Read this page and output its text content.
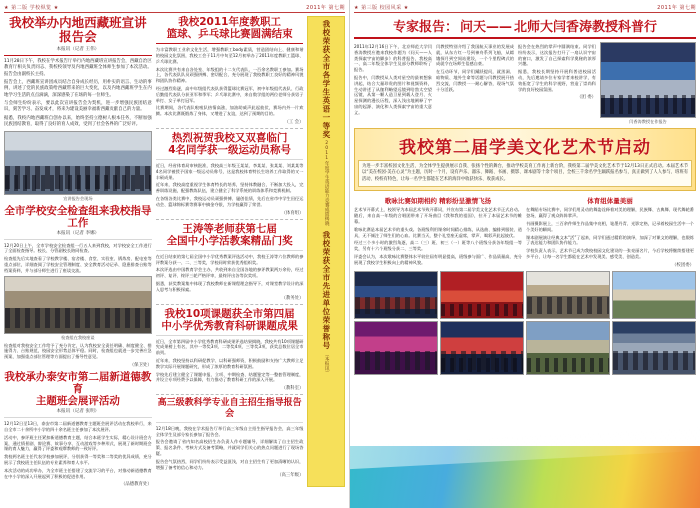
★ 第二版 学校纵览 ★	2011年 第七期
我校举办内地西藏班宣讲报告会
本报讯（记者 王伟）
11月28日下午，我校在学术报告厅举行内地西藏班宣讲报告会，西藏自治区教育厅相关负责同志、我校校领导及内地西藏班全体师生参加了本次活动。报告会由副校长主持。
报告会上，西藏班宣讲团成员结合自身成长经历，用朴实的语言、生动的事例，讲述了党的民族政策给西藏带来的巨大变化，以及内地西藏班学生在内地学习生活的点点滴滴，深深感染了在场的每一位师生。
与会师生纷纷表示，要以此次宣讲报告会为契机，进一步增强民族团结意识，刻苦学习、奋发成才，将来为建设美丽幸福新西藏贡献自己的力量。
据悉，我校内地西藏班自创办以来，始终坚持立德树人根本任务，不断加强民族团结教育，取得了良好的育人成效，受到了社会各界的广泛好评。
宣讲报告会现场
全市学校安全检查组来我校指导工作
本报讯（记者 李娜）
12月20日上午，全市学校安全检查组一行五人来到我校，对学校安全工作进行了全面检查指导。校长、分管副校长陪同检查。
检查组先后实地查看了学校教学楼、宿舍楼、食堂、实验室、锅炼房、配电室等重点部位，详细查阅了学校安全管理制度、安全教育活动记录、隐患排查台账等档案资料，并与部分师生进行了座谈交流。
检查组在我校座谈
检查组对我校安全工作给予了充分肯定，认为我校安全责任明确、制度健全、措施得力、台账规范，校园安全形势总体平稳。同时，检查组也就进一步完善应急预案、加强重点部位管理等方面提出了指导性意见。
（保卫处）
我校承办泰安市第二届新道德教育
主题班会展评活动
本报讯（记者 张明）
12月12日至13日，泰安市第二届新道德教育主题班会展评活动在我校举行，来自全市二十余所中小学的四十余名班主任参加了本次展评。
活动中，参评班主任紧扣新道德教育主题，结合本班学生实际，精心设计班会方案，通过情景剧、辩论赛、故事分享、互动游戏等多种形式，展现了新时期班会课的育人魅力，赢得了评委和观摩教师的一致好评。
我校两名班主任代表学校参加展评，分别获得一等奖和二等奖的优异成绩，充分展示了我校班主任队伍的专业素养和育人水平。
本次活动的成功举办，为全市班主任搭建了交流学习的平台，对推动新道德教育在中小学的深入开展起到了积极的促进作用。
（品德教育处）
我校2011年度教职工
篮球、乒乓球比赛圆满结束
为丰富教职工业余文化生活，增强教职工body素质，营造团结向上、健康和谐的校园文化氛围，我校工会于11月中旬至12月初举办了2011年度教职工篮球、乒乓球比赛。
本次比赛共有来自各处室、年级组的十二支代表队、一百余名教职工参加。赛场上，各代表队队员顽强拼搏、密切配合，充分展现了我校教职工良好的精神风貌和团队协作精神。
经过激烈角逐，高中年级组代表队获得篮球比赛冠军，初中年级组代表队、行政后勤组代表队分获亚军和季军；乒乓球比赛中，来自数学组的两位老师分获男子单打、女子单打冠军。
比赛期间，各代表队啦啦队热情高涨，加油助威声此起彼伏，赛场内外一片欢腾。本次比赛既锻炼了身体，又增进了友谊，达到了预期的目的。
（工 会）
热烈祝贺我校又双喜临门
4名同学获一级运动员称号
近日，经省体育局审核批准，我校高三年级王某某、李某某、张某某、刘某某等4名同学被授予国家一级运动员称号，这是我校体育特长生培养工作取得的又一丰硕成果。
近年来，我校高度重视学生体育特长的培养，坚持体教融合，不断加大投入，完善训练设施，配强教练队伍，建立健全了科学系统的训练体系和竞赛机制。
在各级各类比赛中，我校运动员顽强拼搏、屡创佳绩，先后在省市中学生田径运动会、篮球锦标赛等赛事中摘金夺银，为学校赢得了荣誉。
（体育组）
王涛等老师获第七届
全国中小学活教案精品门奖
在近日结束的第七届全国中小学优秀教案评选活动中，我校王涛等六位教师的参评教案分获一、二、三等奖，学校同时荣获优秀组织奖。
本次评选由中国教育学会主办，共收到来自全国各地的参评教案两万余份，经过初评、复评、终评三轮严格评审，最终评出各等次奖项。
据悉，获奖教案集中体现了我校教师在新课程理念指导下，对课堂教学设计的深入思考与积极探索。
（教务处）
我校10项课题获全市第四届
中小学优秀教育科研课题成果
近日，全市第四届中小学优秀教育科研成果评选结果揭晓，我校共有10项课题研究成果榜上有名，其中一等奖3项、二等奖4项、三等奖3项，获奖总数位居全市前列。
近年来，我校坚持以科研促教学、以科研强师资，积极鼓励和支持广大教师立足教学实际开展课题研究，形成了浓厚的教育科研氛围。
学校先后建立健全了课题申报、立项、中期检查、结题鉴定等一整套管理制度，并设立专项经费予以保障，有力推动了教育科研工作的深入开展。
（教科室）
高三级教科学专业自主招生指导报告会
12月18日晚，我校在学术报告厅举行高三年级自主招生指导报告会，高三年级全体学生及部分家长参加了报告会。
报告会邀请了省内知名高校招生办负责人作专题辅导，详细解读了自主招生政策、报名条件、考核方式及备考策略，并就同学们关心的热点问题进行了现场答疑。
报告会气氛热烈，同学们纷纷表示受益匪浅，对自主招生有了更加清晰的认识，增强了备考的信心和动力。
（高三年级）
我校荣获全市各学生英语一等奖
2011年度学生英语能力竞赛成绩揭晓
我校荣获全市先进单位荣誉称号
（本报讯）
★ 第三版 校园风采 ★	2011年 第七期
专家报告： 问天—— 北师大闫香涛教授科普行
2011年12月16日下午，北京师范大学闫香涛教授应邀来我校作题为《问天——人类探索宇宙的脚步》的科普报告，我校高一、高二年级全体学生及部分教师聆听了报告。
报告中，闫教授从人类对星空的最初想象讲起，结合大量珍贵的图片和视频资料，生动讲述了从伽利略望远镜到哈勃太空望远镜，从第一颗人造卫星到载人登月、火星探测的漫长历程，深入浅出地阐释了宇宙的起源、演化和人类探索宇宙的重大意义。
闫教授特别介绍了我国航天事业的发展成就，从东方红一号到神舟系列飞船，从嫦娥探月到空间站建设，一个个里程碑式的成就令在场师生倍感自豪。
在互动环节，同学们踊跃提问，就黑洞、暗物质、地外生命等话题与闫教授展开热烈交流，闫教授一一耐心解答，现场气氛十分活跃。
报告会在热烈的掌声中圆满结束。同学们纷纷表示，这次报告打开了一扇认识宇宙的窗口，激发了自己探索科学奥秘的浓厚兴趣。
据悉，我校长期坚持开展科普进校园活动，先后邀请多位专家学者来校讲学，有效拓宽了学生的科学视野，营造了崇尚科学的良好校园氛围。
（团 委）
闫香涛教授在作报告
我校第二届学美文化艺术节启动
为进一步丰富校园文化生活，为全体学生提供展示自我、张扬个性的舞台，推动学校美育工作再上新台阶，我校第二届学美文化艺术节于12月13日正式启动。本届艺术节以“美在校园·美在心灵”为主题，历时一个月，设有声乐、器乐、舞蹈、书画、摄影、课本剧等十余个项目，全校三千余名学生踊跃报名参与，真正做到了人人参与、班班有活动、校校有特色，让每一名学生都能在艺术的海洋中收获快乐、收获成长。
歌咏比赛如期相约 精彩纷呈激情飞扬
艺术节开幕式上，校领导为本届艺术节致开幕词，并宣布第二届学美文化艺术节正式启动。随后，来自高一年级的合唱团带来了开场曲目《我和我的祖国》，拉开了本届艺术节的帷幕。
歌咏比赛是本届艺术节的重头戏。各班级利用课余时间精心排练，从选曲、编排到服装、道具，无不倾注了师生们的心血。比赛当天，整个礼堂座无虚席，掌声、喝彩声此起彼伏。
经过三个多小时的激烈角逐，高二（三）班、初三（一）班等八个班级分获各年级组一等奖，另有十六个班级分获二、三等奖。
评委会认为，本次歌咏比赛整体水平较往届有明显提高，班级参与面广、作品质量高，充分展现了我校学生积极向上的精神风貌。
体育组体量美丽
在舞蹈专场比赛中，同学们用灵动的舞姿诠释着对美的理解，民族舞、古典舞、现代舞轮番登场，赢得了观众阵阵掌声。
书画摄影展上，三百余件师生作品集中亮相，笔墨丹青、光影定格，记录着校园生活中一个个美好的瞬间。
课本剧展演让经典文本“活”了起来，同学们通过精彩的演绎，加深了对课文的理解，也锻炼了表达能力和团队协作能力。
学校负责人表示，艺术节已成为我校校园文化建设的一张亮丽名片，今后学校将继续搭建更多平台，让每一名学生都能在艺术中发现美、感受美、创造美。
（校团委）
